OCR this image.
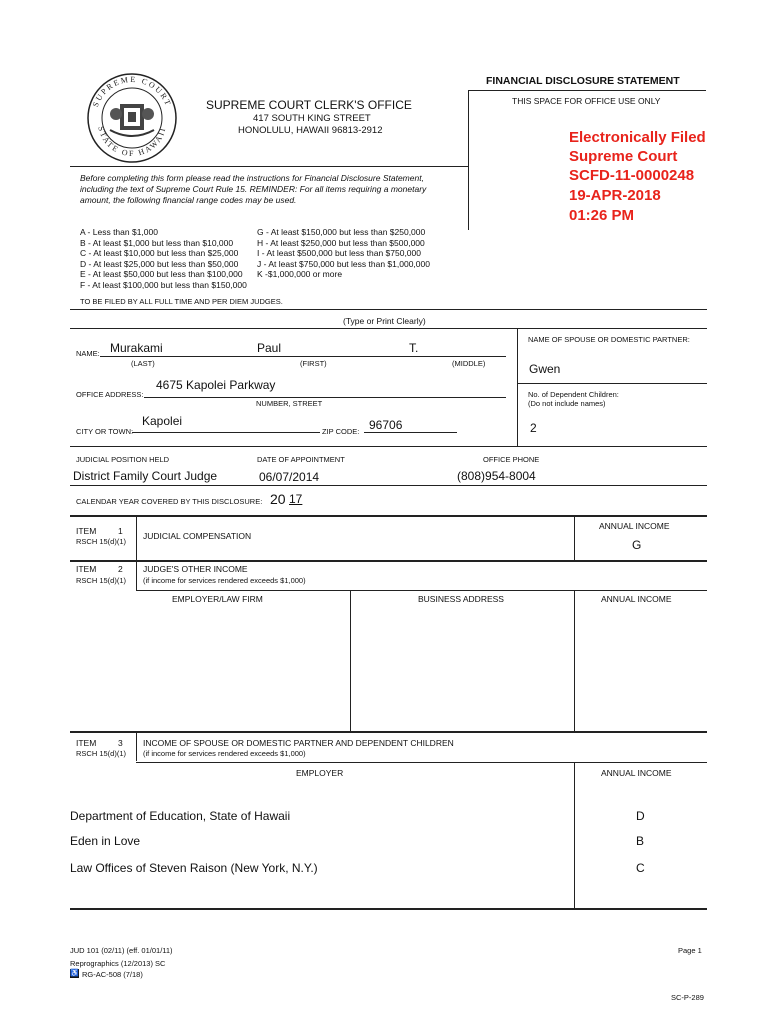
SUPREME COURT
STATE OF HAWAII
FINANCIAL DISCLOSURE STATEMENT
THIS SPACE FOR OFFICE USE ONLY
SUPREME COURT CLERK'S OFFICE
417 SOUTH KING STREET
HONOLULU, HAWAII 96813-2912	Electronically Filed
Supreme Court
SCFD-11-0000248
19-APR-2018
01:26 PM
Before completing this form please read the instructions for Financial Disclosure Statement,
including the text of Supreme Court Rule 15. REMINDER: For all items requiring a monetary
amount, the following financial range codes may be used.
A - Less than $1,000
B - At least $1,000 but less than $10,000
C - At least $10,000 but less than $25,000
D - At least $25,000 but less than $50,000
E - At least $50,000 but less than $100,000
F - At least $100,000 but less than $150,000
G - At least $150,000 but less than $250,000
H - At least $250,000 but less than $500,000
I - At least $500,000 but less than $750,000
J - At least $750,000 but less than $1,000,000
K -$1,000,000 or more
TO BE FILED BY ALL FULL TIME AND PER DIEM JUDGES.
(Type or Print Clearly)
NAME OF SPOUSE OR DOMESTIC PARTNER:
Gwen
No. of Dependent Children:
(Do not include names)
2
NAME: Murakami	Paul	T.
(LAST)	(FIRST)	(MIDDLE)
OFFICE ADDRESS:
4675 Kapolei Parkway
NUMBER, STREET
CITY OR TOWN:
Kapolei
ZIP CODE: 96706
JUDICIAL POSITION HELD	DATE OF APPOINTMENT	OFFICE PHONE
District Family Court Judge	06/07/2014	(808)954-8004
CALENDAR YEAR COVERED BY THIS DISCLOSURE: 20 17
ITEM	1
RSCH 15(d)(1)
JUDICIAL COMPENSATION
ANNUAL INCOME
G
ITEM	2
RSCH 15(d)(1)
JUDGE'S OTHER INCOME
(if income for services rendered exceeds $1,000)
EMPLOYER/LAW FIRM	BUSINESS ADDRESS	ANNUAL INCOME
ITEM	3
RSCH 15(d)(1)
INCOME OF SPOUSE OR DOMESTIC PARTNER AND DEPENDENT CHILDREN
(if income for services rendered exceeds $1,000)
EMPLOYER	ANNUAL INCOME
Department of Education, State of Hawaii	D
Eden in Love	B
Law Offices of Steven Raison (New York, N.Y.)	C
JUD 101 (02/11) (eff. 01/01/11)
Reprographics (12/2013) SC
♿ RG-AC-508 (7/18)
Page 1
SC-P-289
